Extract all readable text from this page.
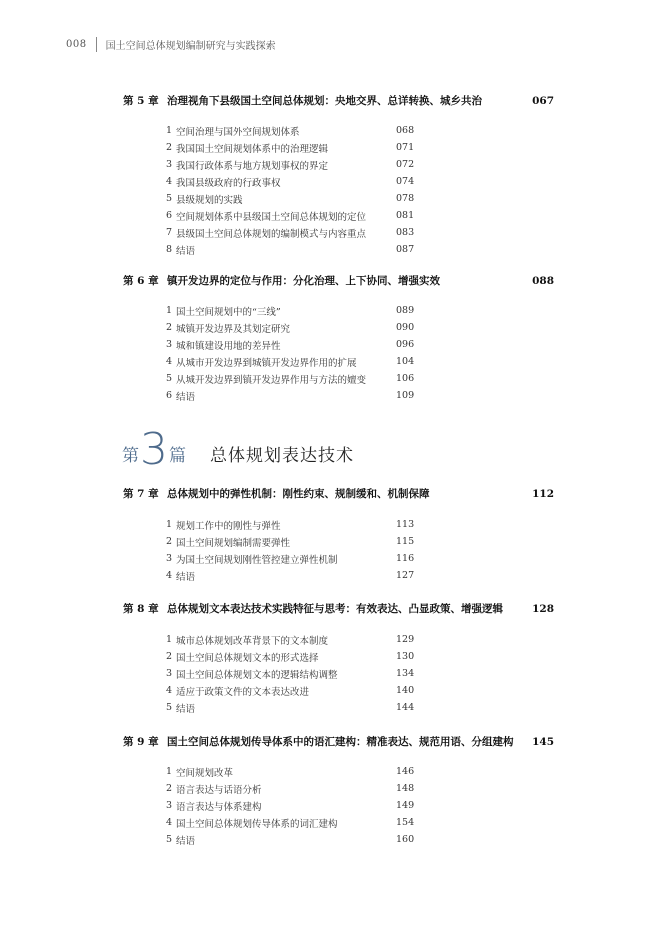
008 国土空间总体规划编制研究与实践探索
第 5 章 治理视角下县级国土空间总体规划：央地交界、总详转换、城乡共治	067
1 空间治理与国外空间规划体系	068
2 我国国土空间规划体系中的治理逻辑	071
3 我国行政体系与地方规划事权的界定	072
4 我国县级政府的行政事权	074
5 县级规划的实践	078
6 空间规划体系中县级国土空间总体规划的定位	081
7 县级国土空间总体规划的编制模式与内容重点	083
8 结语	087
第 6 章 镇开发边界的定位与作用：分化治理、上下协同、增强实效	088
1 国土空间规划中的“三线”	089
2 城镇开发边界及其划定研究	090
3 城和镇建设用地的差异性	096
4 从城市开发边界到城镇开发边界作用的扩展	104
5 从城开发边界到镇开发边界作用与方法的嬗变	106
6 结语	109
第 3 篇 总体规划表达技术
第 7 章 总体规划中的弹性机制：刚性约束、规制缓和、机制保障	112
1 规划工作中的刚性与弹性	113
2 国土空间规划编制需要弹性	115
3 为国土空间规划刚性管控建立弹性机制	116
4 结语	127
第 8 章 总体规划文本表达技术实践特征与思考：有效表达、凸显政策、增强逻辑	128
1 城市总体规划改革背景下的文本制度	129
2 国土空间总体规划文本的形式选择	130
3 国土空间总体规划文本的逻辑结构调整	134
4 适应于政策文件的文本表达改进	140
5 结语	144
第 9 章 国土空间总体规划传导体系中的语汇建构：精准表达、规范用语、分组建构	145
1 空间规划改革	146
2 语言表达与话语分析	148
3 语言表达与体系建构	149
4 国土空间总体规划传导体系的词汇建构	154
5 结语	160
